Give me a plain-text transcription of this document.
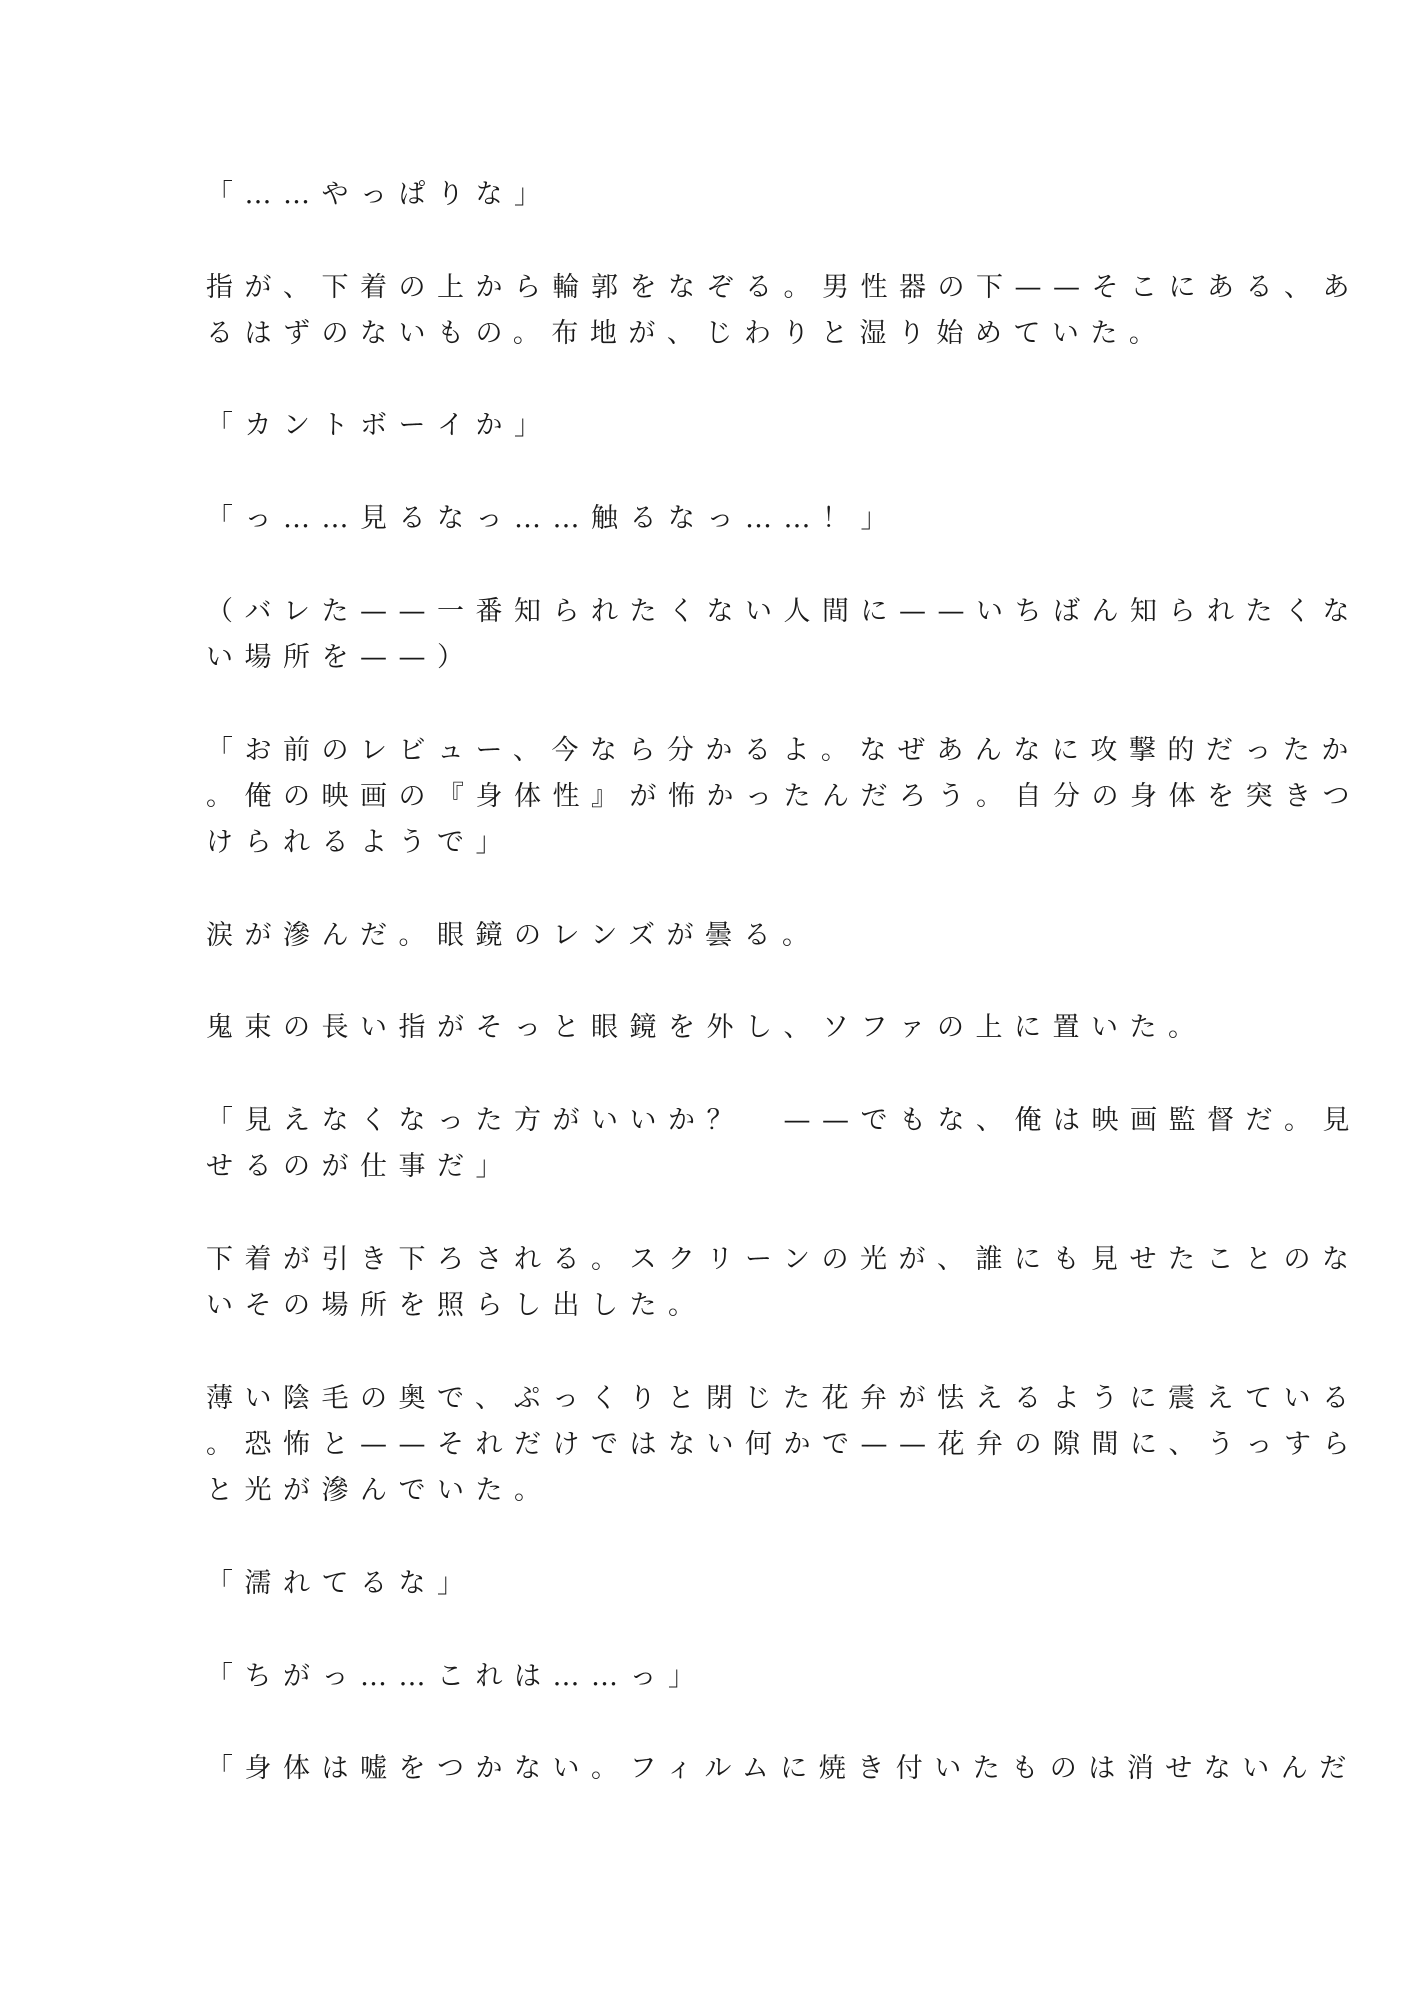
「……やっぱりな」
指が、下着の上から輪郭をなぞる。男性器の下——そこにある、あ
るはずのないもの。布地が、じわりと湿り始めていた。
「カントボーイか」
「っ……見るなっ……触るなっ……！」
（バレた——一番知られたくない人間に——いちばん知られたくな
い場所を——）
「お前のレビュー、今なら分かるよ。なぜあんなに攻撃的だったか
。俺の映画の『身体性』が怖かったんだろう。自分の身体を突きつ
けられるようで」
涙が滲んだ。眼鏡のレンズが曇る。
鬼束の長い指がそっと眼鏡を外し、ソファの上に置いた。
「見えなくなった方がいいか？　——でもな、俺は映画監督だ。見
せるのが仕事だ」
下着が引き下ろされる。スクリーンの光が、誰にも見せたことのな
いその場所を照らし出した。
薄い陰毛の奥で、ぷっくりと閉じた花弁が怯えるように震えている
。恐怖と——それだけではない何かで——花弁の隙間に、うっすら
と光が滲んでいた。
「濡れてるな」
「ちがっ……これは……っ」
「身体は嘘をつかない。フィルムに焼き付いたものは消せないんだ
